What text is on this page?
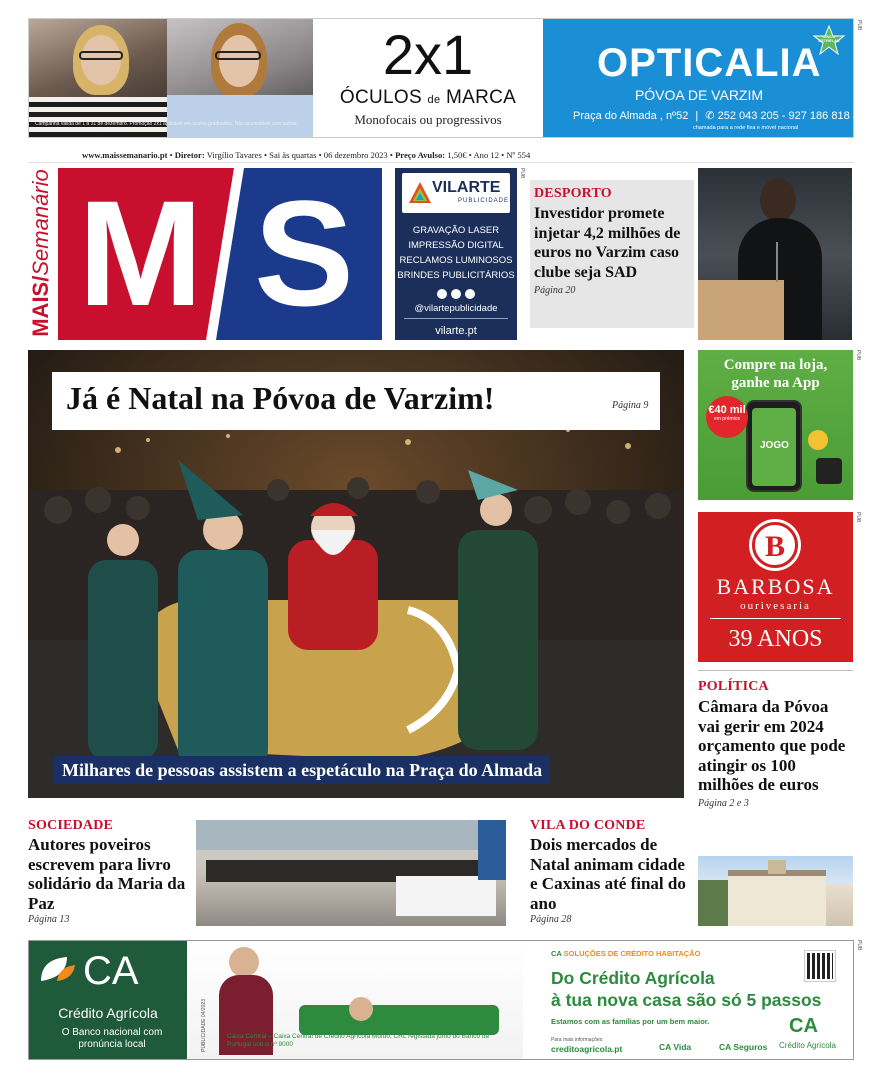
Campanha válida de 1 a 31 de dezembro. Promoção 2x1 aplicável em óculos graduados. Não acumulável com outras campanhas em curso. Condições na loja.
2x1
ÓCULOS de MARCA
Monofocais ou progressivos
OPTICALIA
CINCO ESTRELAS
PÓVOA DE VARZIM
Praça do Almada , nº52 | ✆ 252 043 205 - 927 186 818
chamada para a rede fixa e móvel nacional
PUB
www.maissemanario.pt • Diretor: Virgílio Tavares • Sai às quartas • 06 dezembro 2023 • Preço Avulso: 1,50€ • Ano 12 • Nº 554
MAIS/Semanário M S	VILARTE
PUBLICIDADE
GRAVAÇÃO LASER
IMPRESSÃO DIGITAL
RECLAMOS LUMINOSOS
BRINDES PUBLICITÁRIOS
@vilartepublicidade
vilarte.pt
PUB
DESPORTO
Investidor promete injetar 4,2 milhões de euros no Varzim caso clube seja SAD
Página 20
Já é Natal na Póvoa de Varzim!	Página 9
Milhares de pessoas assistem a espetáculo na Praça do Almada
Compre na loja,
ganhe na App
JOGO
€40 mil
em prémios
PUB
B
BARBOSA
ourivesaria
39 ANOS
PUB
POLÍTICA
Câmara da Póvoa vai gerir em 2024 orçamento que pode atingir os 100 milhões de euros
Página 2 e 3
SOCIEDADE
Autores poveiros escrevem para livro solidário da Maria da Paz
Página 13
VILA DO CONDE
Dois mercados de Natal animam cidade e Caxinas até final do ano
Página 28
CA
Crédito Agrícola
O Banco nacional com pronúncia local
Caixa Central – Caixa Central de Crédito Agrícola Mútuo, CRL registada junto do Banco de Portugal sob o nº 9000
PUBLICIDADE 04/2023
CA SOLUÇÕES DE CRÉDITO HABITAÇÃO
Do Crédito Agrícola
à tua nova casa são só 5 passos
Estamos com as famílias por um bem maior.
Para mais informações:
creditoagricola.pt	CA Vida	CA Seguros
CA
Crédito Agrícola
PUB
